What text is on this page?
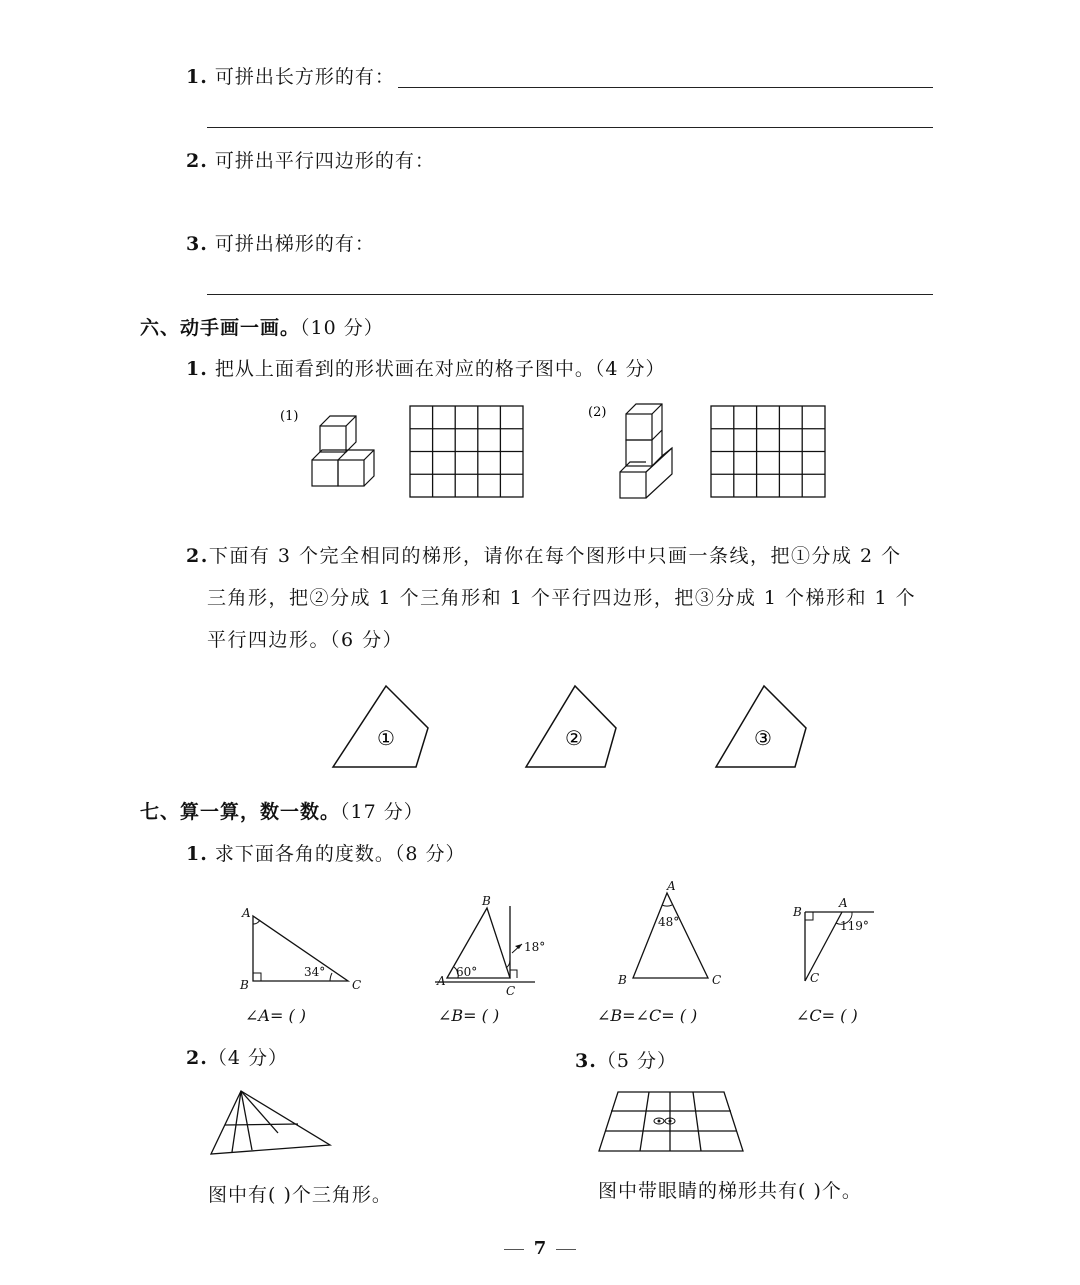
1. 可拼出长方形的有：
2. 可拼出平行四边形的有：
3. 可拼出梯形的有：
六、动手画一画。（10 分）
1. 把从上面看到的形状画在对应的格子图中。（4 分）
(1)	(2)
2.下面有 3 个完全相同的梯形，请你在每个图形中只画一条线，把①分成 2 个
三角形，把②分成 1 个三角形和 1 个平行四边形，把③分成 1 个梯形和 1 个
平行四边形。（6 分）
①	②	③
七、算一算，数一数。（17 分）
1. 求下面各角的度数。（8 分）
A
B	C
34°
B
A
C
60°
18°
A
B	C
48°
B
A
C
119°
∠A= ( )	∠B= ( )	∠B=∠C= ( )	∠C= ( )
2.（4 分）
图中有( )个三角形。
3.（5 分）
图中带眼睛的梯形共有( )个。
7
